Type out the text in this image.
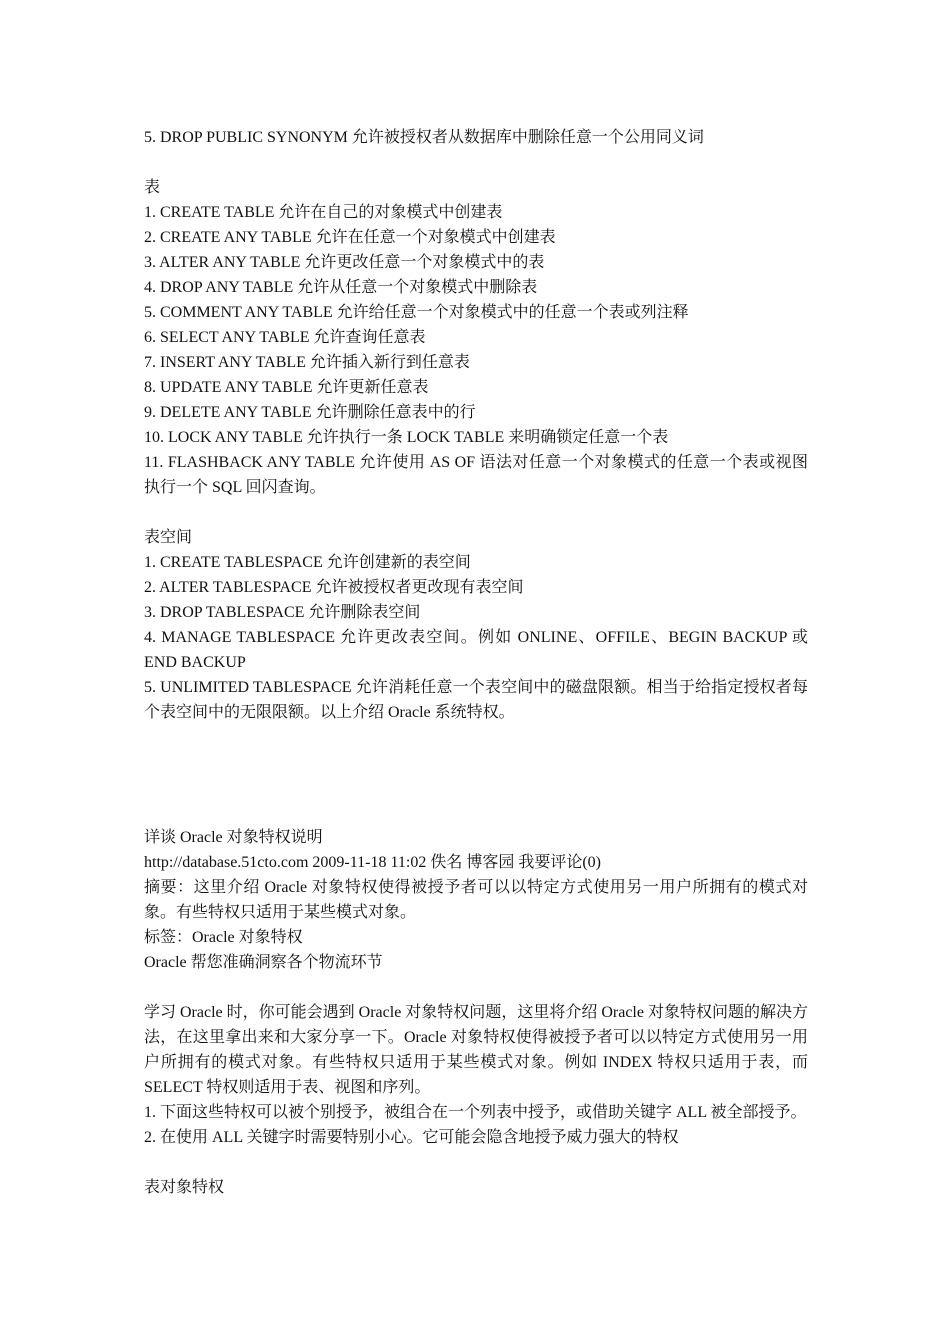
5. DROP PUBLIC SYNONYM 允许被授权者从数据库中删除任意一个公用同义词
表
1. CREATE TABLE 允许在自己的对象模式中创建表
2. CREATE ANY TABLE 允许在任意一个对象模式中创建表
3. ALTER ANY TABLE 允许更改任意一个对象模式中的表
4. DROP ANY TABLE 允许从任意一个对象模式中删除表
5. COMMENT ANY TABLE 允许给任意一个对象模式中的任意一个表或列注释
6. SELECT ANY TABLE 允许查询任意表
7. INSERT ANY TABLE 允许插入新行到任意表
8. UPDATE ANY TABLE 允许更新任意表
9. DELETE ANY TABLE 允许删除任意表中的行
10. LOCK ANY TABLE 允许执行一条 LOCK TABLE 来明确锁定任意一个表
11. FLASHBACK ANY TABLE 允许使用 AS OF 语法对任意一个对象模式的任意一个表或视图执行一个 SQL 回闪查询。
表空间
1. CREATE TABLESPACE 允许创建新的表空间
2. ALTER TABLESPACE 允许被授权者更改现有表空间
3. DROP TABLESPACE 允许删除表空间
4. MANAGE TABLESPACE 允许更改表空间。例如 ONLINE、OFFILE、BEGIN BACKUP 或 END BACKUP
5. UNLIMITED TABLESPACE 允许消耗任意一个表空间中的磁盘限额。相当于给指定授权者每个表空间中的无限限额。以上介绍 Oracle 系统特权。
详谈 Oracle 对象特权说明
http://database.51cto.com 2009-11-18 11:02 佚名 博客园 我要评论(0)
摘要：这里介绍 Oracle 对象特权使得被授予者可以以特定方式使用另一用户所拥有的模式对象。有些特权只适用于某些模式对象。
标签：Oracle 对象特权
Oracle 帮您准确洞察各个物流环节
学习 Oracle 时，你可能会遇到 Oracle 对象特权问题，这里将介绍 Oracle 对象特权问题的解决方法，在这里拿出来和大家分享一下。Oracle 对象特权使得被授予者可以以特定方式使用另一用户所拥有的模式对象。有些特权只适用于某些模式对象。例如 INDEX 特权只适用于表，而 SELECT 特权则适用于表、视图和序列。
1. 下面这些特权可以被个别授予，被组合在一个列表中授予，或借助关键字 ALL 被全部授予。
2. 在使用 ALL 关键字时需要特别小心。它可能会隐含地授予威力强大的特权
表对象特权
